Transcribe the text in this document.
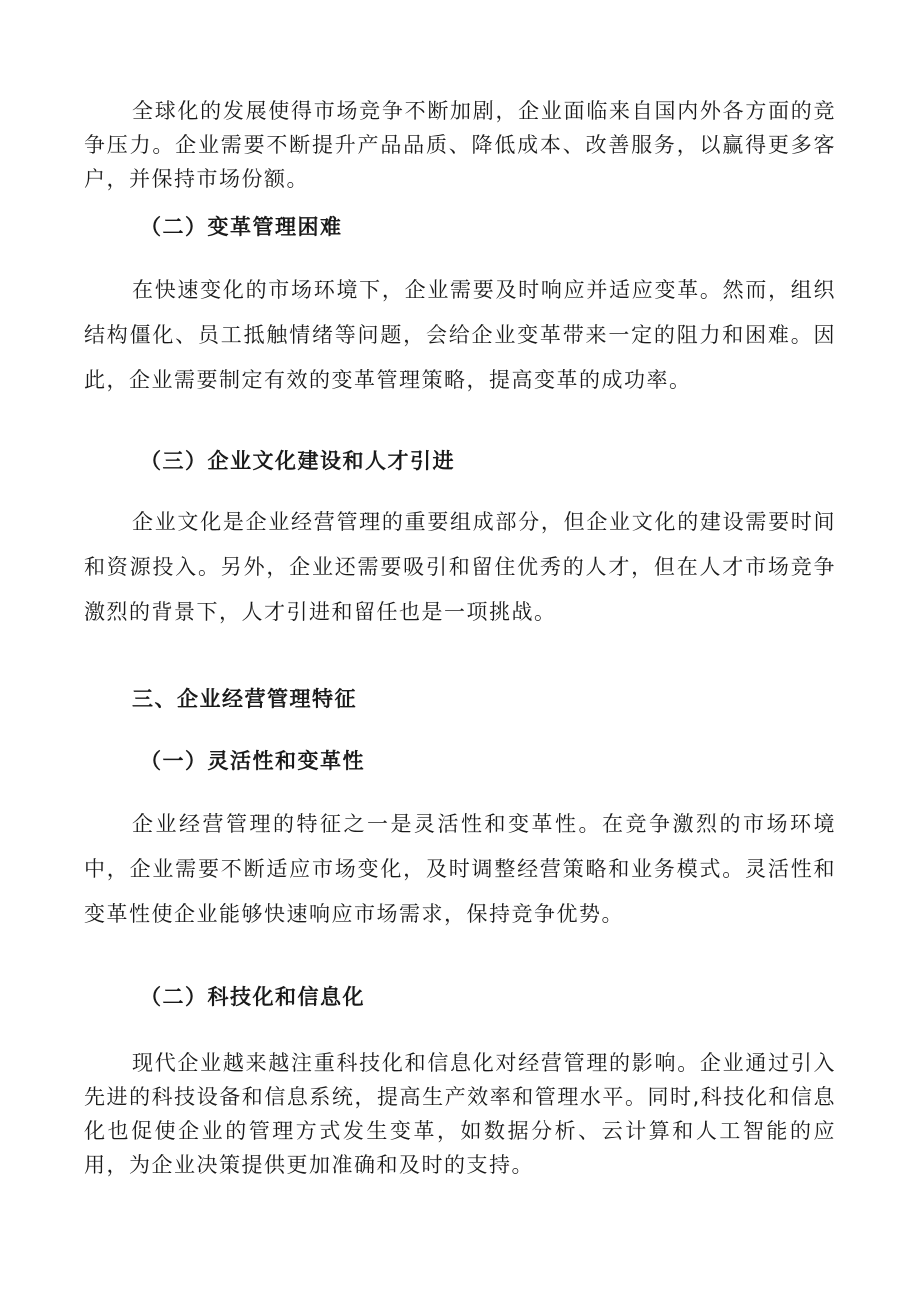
全球化的发展使得市场竞争不断加剧，企业面临来自国内外各方面的竞争压力。企业需要不断提升产品品质、降低成本、改善服务，以赢得更多客户，并保持市场份额。

（二）变革管理困难

在快速变化的市场环境下，企业需要及时响应并适应变革。然而，组织结构僵化、员工抵触情绪等问题，会给企业变革带来一定的阻力和困难。因此，企业需要制定有效的变革管理策略，提高变革的成功率。

（三）企业文化建设和人才引进

企业文化是企业经营管理的重要组成部分，但企业文化的建设需要时间和资源投入。另外，企业还需要吸引和留住优秀的人才，但在人才市场竞争激烈的背景下，人才引进和留任也是一项挑战。

三、企业经营管理特征
（一）灵活性和变革性

企业经营管理的特征之一是灵活性和变革性。在竞争激烈的市场环境中，企业需要不断适应市场变化，及时调整经营策略和业务模式。灵活性和变革性使企业能够快速响应市场需求，保持竞争优势。

（二）科技化和信息化

现代企业越来越注重科技化和信息化对经营管理的影响。企业通过引入先进的科技设备和信息系统，提高生产效率和管理水平。同时,科技化和信息化也促使企业的管理方式发生变革，如数据分析、云计算和人工智能的应用，为企业决策提供更加准确和及时的支持。
